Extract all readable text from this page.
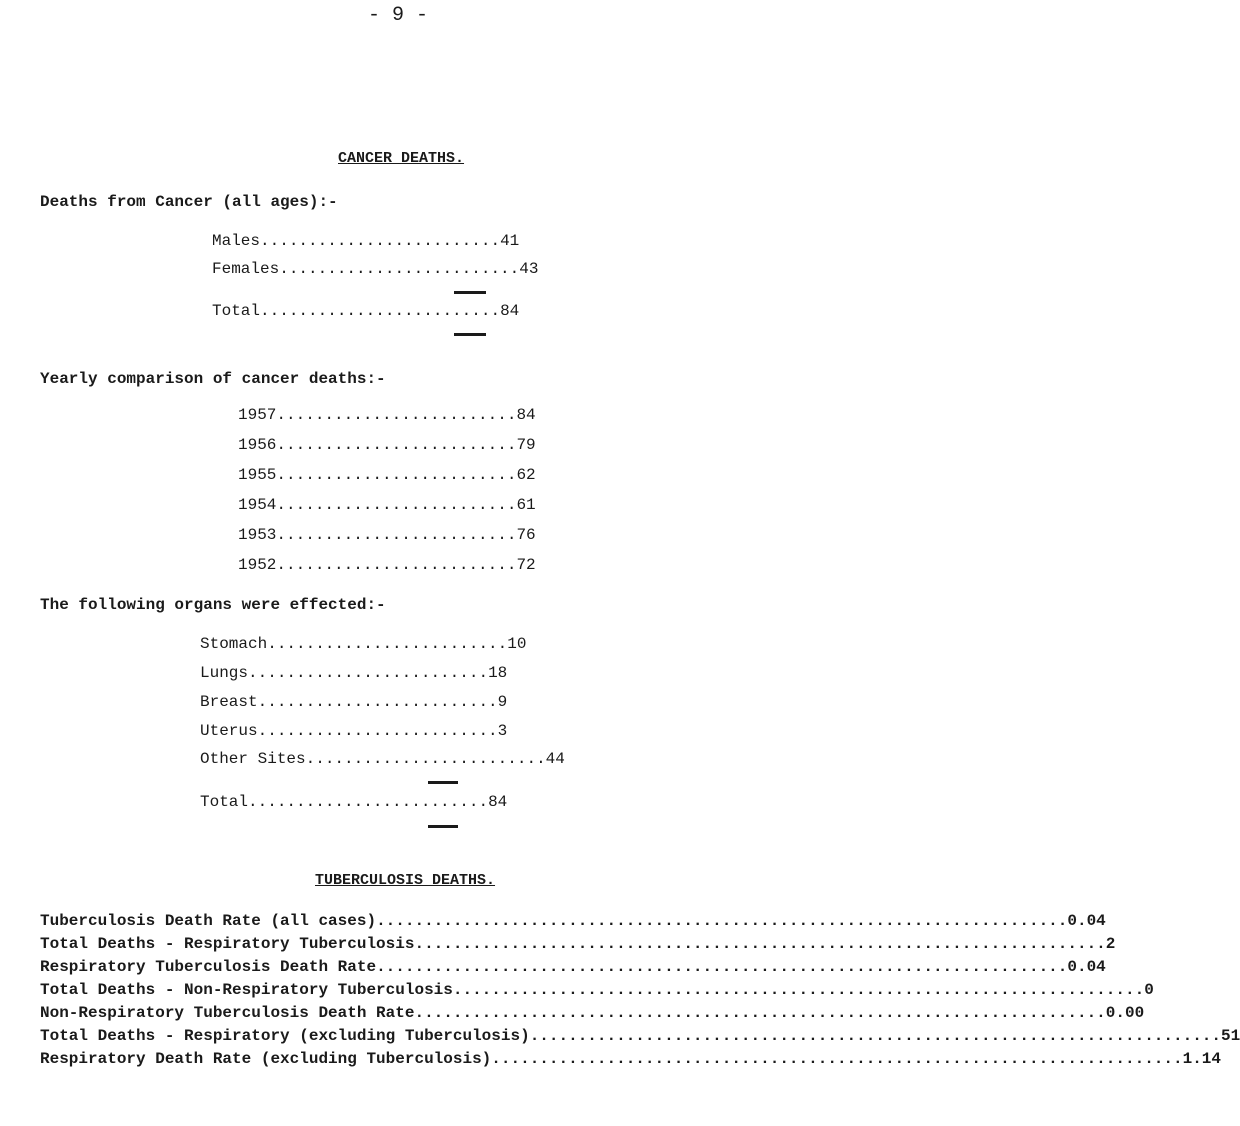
- 9 -
CANCER DEATHS.
Deaths from Cancer (all ages):-
Males ......................... 41
Females ......................... 43
Total ......................... 84
Yearly comparison of cancer deaths:-
1957 ......................... 84
1956 ......................... 79
1955 ......................... 62
1954 ......................... 61
1953 ......................... 76
1952 ......................... 72
The following organs were effected:-
Stomach ......................... 10
Lungs ......................... 18
Breast ......................... 9
Uterus ......................... 3
Other Sites ......................... 44
Total ......................... 84
TUBERCULOSIS DEATHS.
Tuberculosis Death Rate (all cases) ........................................................................ 0.04
Total Deaths - Respiratory Tuberculosis ........................................................................ 2
Respiratory Tuberculosis Death Rate ........................................................................ 0.04
Total Deaths - Non-Respiratory Tuberculosis ........................................................................ 0
Non-Respiratory Tuberculosis Death Rate ........................................................................ 0.00
Total Deaths - Respiratory (excluding Tuberculosis) ........................................................................ 51
Respiratory Death Rate (excluding Tuberculosis) ........................................................................ 1.14
